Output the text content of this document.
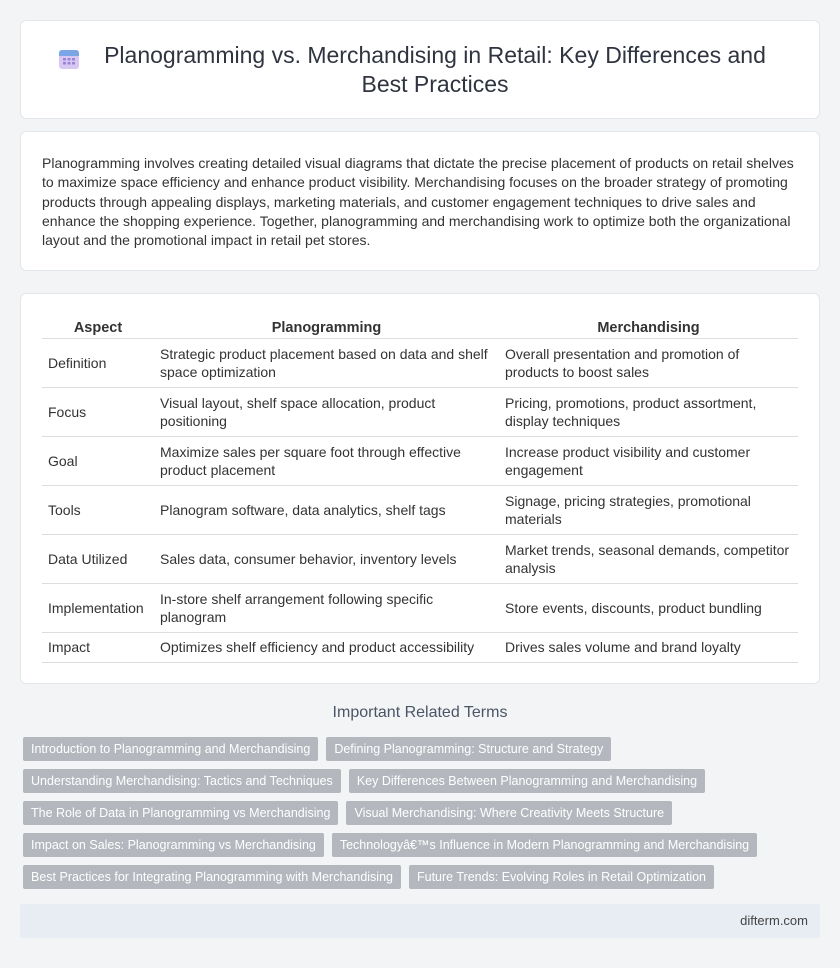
Planogramming vs. Merchandising in Retail: Key Differences and Best Practices

Planogramming involves creating detailed visual diagrams that dictate the precise placement of products on retail shelves to maximize space efficiency and enhance product visibility. Merchandising focuses on the broader strategy of promoting products through appealing displays, marketing materials, and customer engagement techniques to drive sales and enhance the shopping experience. Together, planogramming and merchandising work to optimize both the organizational layout and the promotional impact in retail pet stores.

Aspect	Planogramming	Merchandising
Definition	Strategic product placement based on data and shelf space optimization	Overall presentation and promotion of products to boost sales
Focus	Visual layout, shelf space allocation, product positioning	Pricing, promotions, product assortment, display techniques
Goal	Maximize sales per square foot through effective product placement	Increase product visibility and customer engagement
Tools	Planogram software, data analytics, shelf tags	Signage, pricing strategies, promotional materials
Data Utilized	Sales data, consumer behavior, inventory levels	Market trends, seasonal demands, competitor analysis
Implementation	In-store shelf arrangement following specific planogram	Store events, discounts, product bundling
Impact	Optimizes shelf efficiency and product accessibility	Drives sales volume and brand loyalty
Important Related Terms
Introduction to Planogramming and Merchandising	Defining Planogramming: Structure and Strategy
Understanding Merchandising: Tactics and Techniques	Key Differences Between Planogramming and Merchandising
The Role of Data in Planogramming vs Merchandising	Visual Merchandising: Where Creativity Meets Structure
Impact on Sales: Planogramming vs Merchandising	Technologyâ€™s Influence in Modern Planogramming and Merchandising
Best Practices for Integrating Planogramming with Merchandising	Future Trends: Evolving Roles in Retail Optimization
difterm.com
